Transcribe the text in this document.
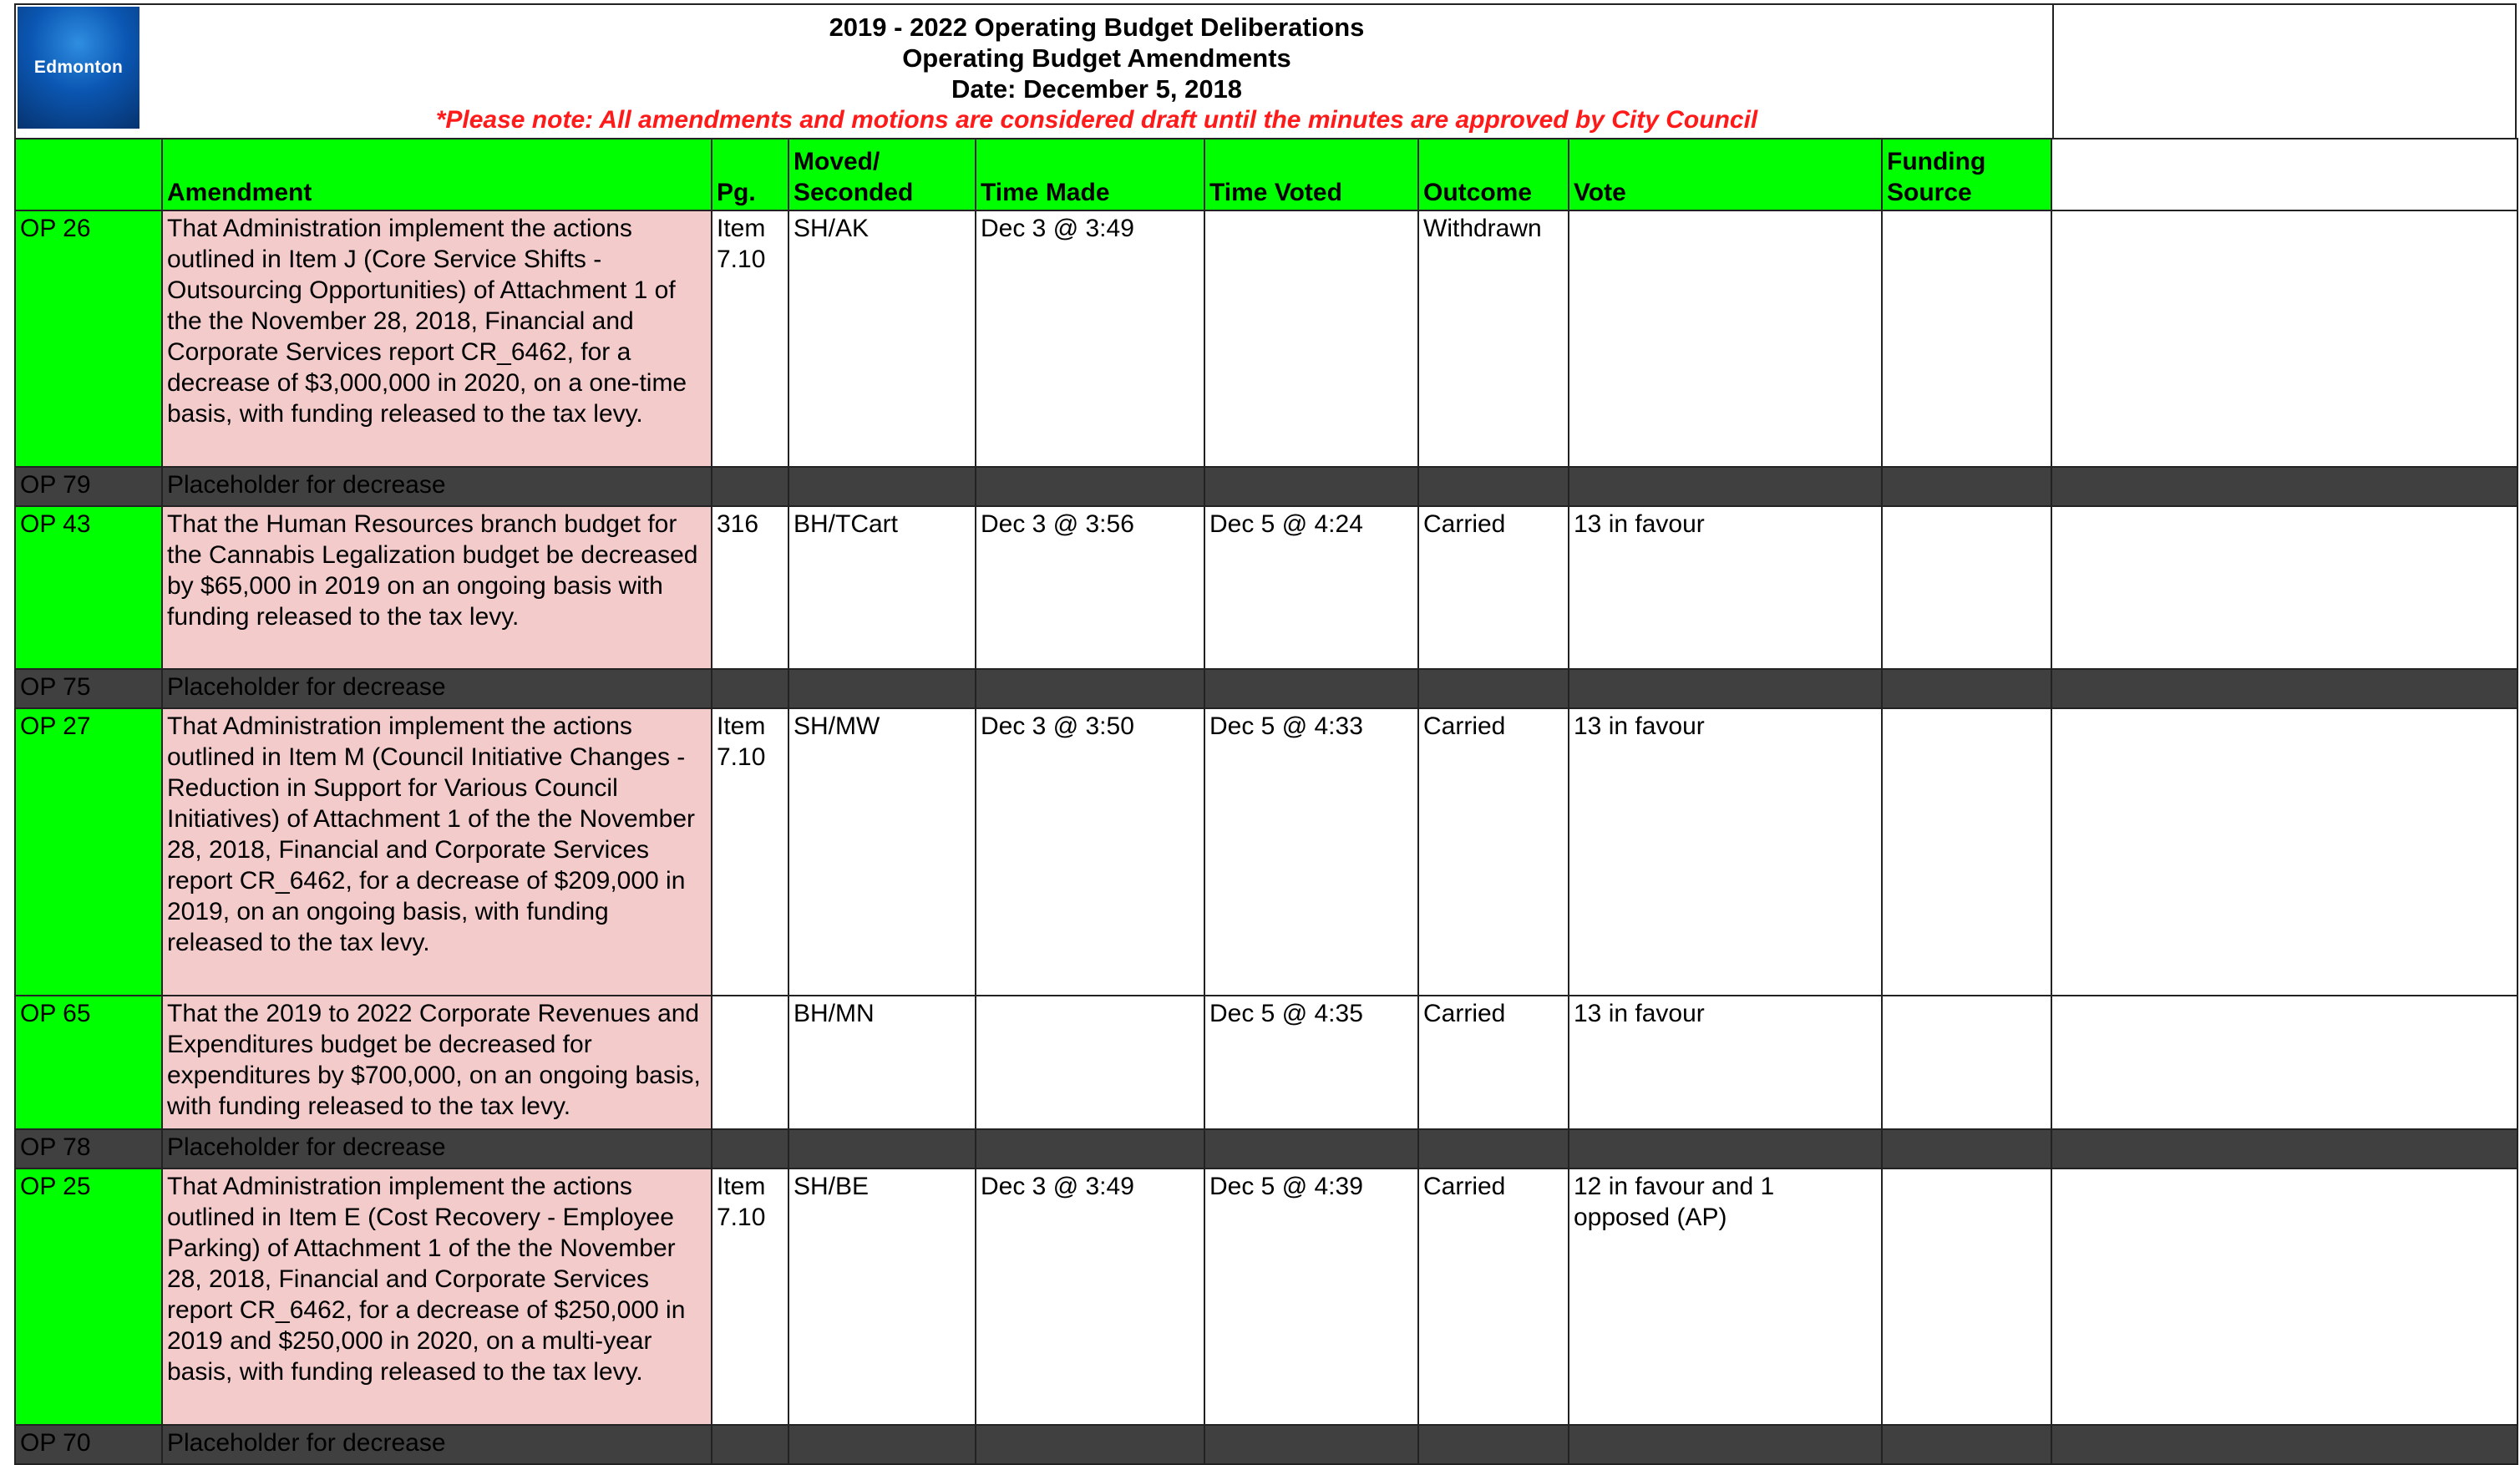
Edmonton
2019 - 2022 Operating Budget Deliberations
Operating Budget Amendments
Date: December 5, 2018
*Please note: All amendments and motions are considered draft until the minutes are approved by City Council
	Amendment	Pg.	Moved/ Seconded	Time Made	Time Voted	Outcome	Vote	Funding Source	
OP 26	That Administration implement the actions outlined in Item J (Core Service Shifts - Outsourcing Opportunities) of Attachment 1 of the the November 28, 2018, Financial and Corporate Services report CR_6462, for a decrease of $3,000,000 in 2020, on a one-time basis, with funding released to the tax levy.	Item 7.10	SH/AK	Dec 3 @ 3:49		Withdrawn			
OP 79	Placeholder for decrease								
OP 43	That the Human Resources branch budget for the Cannabis Legalization budget be decreased by $65,000 in 2019 on an ongoing basis with funding released to the tax levy.	316	BH/TCart	Dec 3 @ 3:56	Dec 5 @ 4:24	Carried	13 in favour		
OP 75	Placeholder for decrease								
OP 27	That Administration implement the actions outlined in Item M (Council Initiative Changes - Reduction in Support for Various Council Initiatives) of Attachment 1 of the the November 28, 2018, Financial and Corporate Services report CR_6462, for a decrease of $209,000 in 2019, on an ongoing basis, with funding released to the tax levy.	Item 7.10	SH/MW	Dec 3 @ 3:50	Dec 5 @ 4:33	Carried	13 in favour		
OP 65	That the 2019 to 2022 Corporate Revenues and Expenditures budget be decreased for expenditures by $700,000, on an ongoing basis, with funding released to the tax levy.		BH/MN		Dec 5 @ 4:35	Carried	13 in favour		
OP 78	Placeholder for decrease								
OP 25	That Administration implement the actions outlined in Item E (Cost Recovery - Employee Parking) of Attachment 1 of the the November 28, 2018, Financial and Corporate Services report CR_6462, for a decrease of $250,000 in 2019 and $250,000 in 2020, on a multi-year basis, with funding released to the tax levy.	Item 7.10	SH/BE	Dec 3 @ 3:49	Dec 5 @ 4:39	Carried	12 in favour and 1 opposed (AP)		
OP 70	Placeholder for decrease								
